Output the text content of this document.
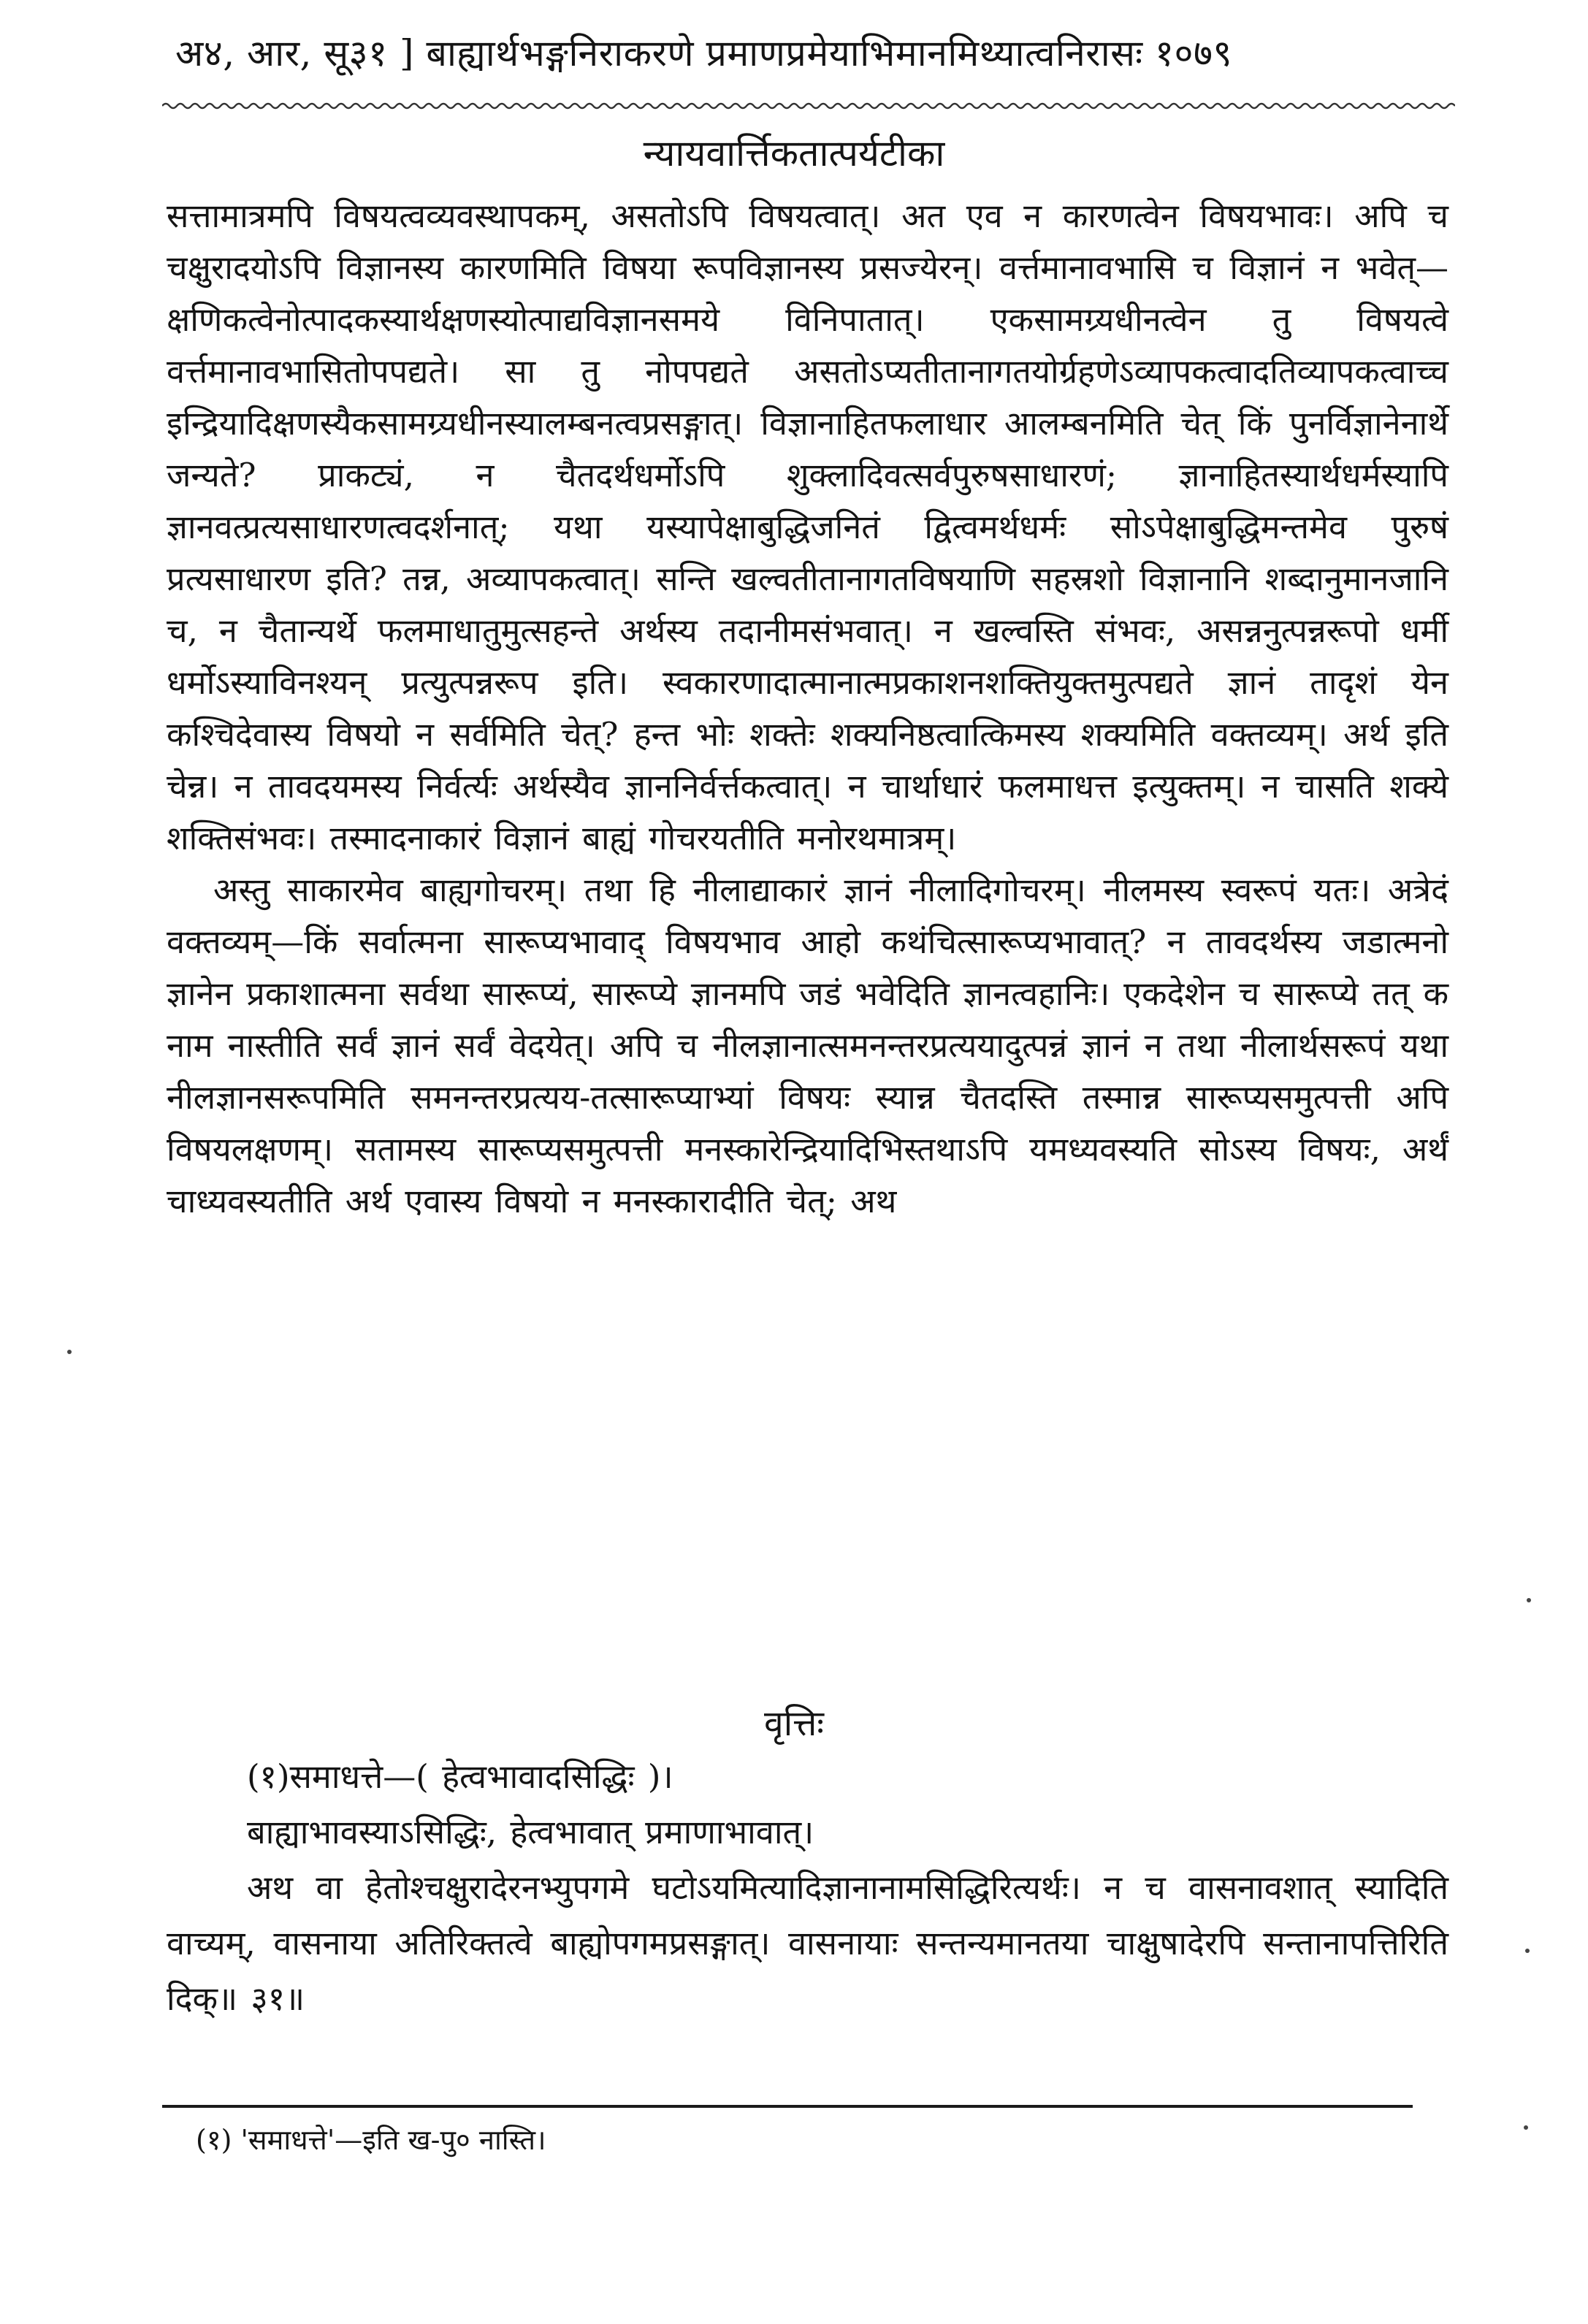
अ४, आर, सू३१ ] बाह्यार्थभङ्गनिराकरणे प्रमाणप्रमेयाभिमानमिथ्यात्वनिरासः १०७९
न्यायवार्त्तिकतात्पर्यटीका

सत्तामात्रमपि विषयत्वव्यवस्थापकम्, असतोऽपि विषयत्वात्। अत एव न कारणत्वेन विषयभावः। अपि च चक्षुरादयोऽपि विज्ञानस्य कारणमिति विषया रूपविज्ञानस्य प्रसज्येरन्। वर्त्तमानावभासि च विज्ञानं न भवेत्—क्षणिकत्वेनोत्पादकस्यार्थक्षणस्योत्पाद्यविज्ञानसमये विनिपातात्। एकसामग्र्यधीनत्वेन तु विषयत्वे वर्त्तमानावभासितोपपद्यते। सा तु नोपपद्यते असतोऽप्यतीतानागतयोर्ग्रहणेऽव्यापकत्वादतिव्यापकत्वाच्च इन्द्रियादिक्षणस्यैकसामग्र्यधीनस्यालम्बनत्वप्रसङ्गात्। विज्ञानाहितफलाधार आलम्बनमिति चेत् किं पुनर्विज्ञानेनार्थे जन्यते? प्राकट्यं, न चैतदर्थधर्मोऽपि शुक्लादिवत्सर्वपुरुषसाधारणं; ज्ञानाहितस्यार्थधर्मस्यापि ज्ञानवत्प्रत्यसाधारणत्वदर्शनात्; यथा यस्यापेक्षाबुद्धिजनितं द्वित्वमर्थधर्मः सोऽपेक्षाबुद्धिमन्तमेव पुरुषं प्रत्यसाधारण इति? तन्न, अव्यापकत्वात्। सन्ति खल्वतीतानागतविषयाणि सहस्रशो विज्ञानानि शब्दानुमानजानि च, न चैतान्यर्थे फलमाधातुमुत्सहन्ते अर्थस्य तदानीमसंभवात्। न खल्वस्ति संभवः, असन्ननुत्पन्नरूपो धर्मी धर्मोऽस्याविनश्यन् प्रत्युत्पन्नरूप इति। स्वकारणादात्मानात्मप्रकाशनशक्तियुक्तमुत्पद्यते ज्ञानं तादृशं येन कश्चिदेवास्य विषयो न सर्वमिति चेत्? हन्त भोः शक्तेः शक्यनिष्ठत्वात्किमस्य शक्यमिति वक्तव्यम्। अर्थ इति चेन्न। न तावदयमस्य निर्वर्त्यः अर्थस्यैव ज्ञाननिर्वर्त्तकत्वात्। न चार्थाधारं फलमाधत्त इत्युक्तम्। न चासति शक्ये शक्तिसंभवः। तस्मादनाकारं विज्ञानं बाह्यं गोचरयतीति मनोरथमात्रम्।

अस्तु साकारमेव बाह्यगोचरम्। तथा हि नीलाद्याकारं ज्ञानं नीलादिगोचरम्। नीलमस्य स्वरूपं यतः। अत्रेदं वक्तव्यम्—किं सर्वात्मना सारूप्यभावाद् विषयभाव आहो कथंचित्सारूप्यभावात्? न तावदर्थस्य जडात्मनो ज्ञानेन प्रकाशात्मना सर्वथा सारूप्यं, सारूप्ये ज्ञानमपि जडं भवेदिति ज्ञानत्वहानिः। एकदेशेन च सारूप्ये तत् क नाम नास्तीति सर्वं ज्ञानं सर्वं वेदयेत्। अपि च नीलज्ञानात्समनन्तरप्रत्ययादुत्पन्नं ज्ञानं न तथा नीलार्थसरूपं यथा नीलज्ञानसरूपमिति समनन्तरप्रत्यय-तत्सारूप्याभ्यां विषयः स्यान्न चैतदस्ति तस्मान्न सारूप्यसमुत्पत्ती अपि विषयलक्षणम्। सतामस्य सारूप्यसमुत्पत्ती मनस्कारेन्द्रियादिभिस्तथाऽपि यमध्यवस्यति सोऽस्य विषयः, अर्थं चाध्यवस्यतीति अर्थ एवास्य विषयो न मनस्कारादीति चेत्; अथ

वृत्तिः

(१)समाधत्ते—( हेत्वभावादसिद्धिः )।

बाह्याभावस्याऽसिद्धिः, हेत्वभावात् प्रमाणाभावात्।

अथ वा हेतोश्चक्षुरादेरनभ्युपगमे घटोऽयमित्यादिज्ञानानामसिद्धिरित्यर्थः। न च वासनावशात् स्यादिति वाच्यम्, वासनाया अतिरिक्तत्वे बाह्योपगमप्रसङ्गात्। वासनायाः सन्तन्यमानतया चाक्षुषादेरपि सन्तानापत्तिरिति दिक्॥ ३१॥

(१) 'समाधत्ते'—इति ख-पु० नास्ति।
